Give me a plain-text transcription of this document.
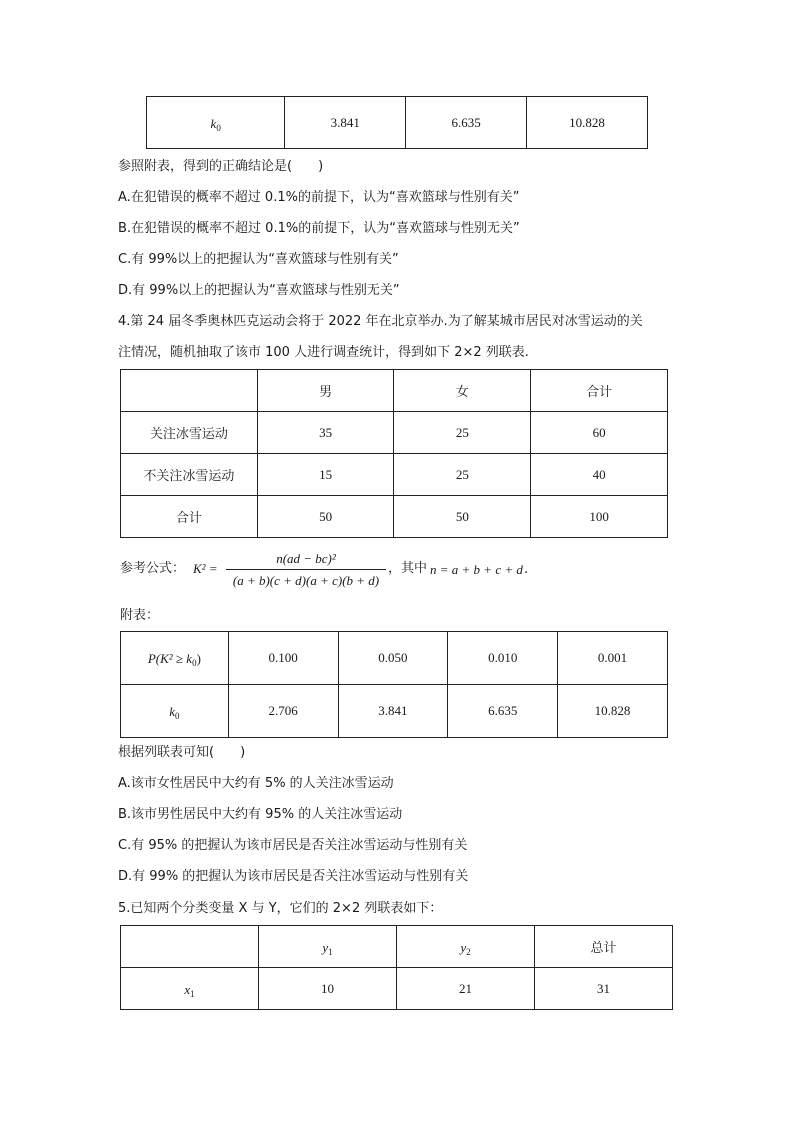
$k_0$	3.841	6.635	10.828
参照附表，得到的正确结论是(　　)
A.在犯错误的概率不超过 0.1%的前提下，认为“喜欢篮球与性别有关”
B.在犯错误的概率不超过 0.1%的前提下，认为“喜欢篮球与性别无关”
C.有 99%以上的把握认为“喜欢篮球与性别有关”
D.有 99%以上的把握认为“喜欢篮球与性别无关”
4.第 24 届冬季奥林匹克运动会将于 2022 年在北京举办.为了解某城市居民对冰雪运动的关
注情况，随机抽取了该市 100 人进行调查统计，得到如下 2×2 列联表.
	男	女	合计
关注冰雪运动	35	25	60
不关注冰雪运动	15	25	40
合计	50	50	100
参考公式： K² =
n(ad − bc)²
(a + b)(c + d)(a + c)(b + d)
，其中 n = a + b + c + d .
附表：
$P(K^2 \ge k_0)$	0.100	0.050	0.010	0.001
$k_0$	2.706	3.841	6.635	10.828
根据列联表可知(　　)
A.该市女性居民中大约有 5% 的人关注冰雪运动
B.该市男性居民中大约有 95% 的人关注冰雪运动
C.有 95% 的把握认为该市居民是否关注冰雪运动与性别有关
D.有 99% 的把握认为该市居民是否关注冰雪运动与性别有关
5.已知两个分类变量 X 与 Y，它们的 2×2 列联表如下：
	$y_1$	$y_2$	总计
$x_1$	10	21	31
